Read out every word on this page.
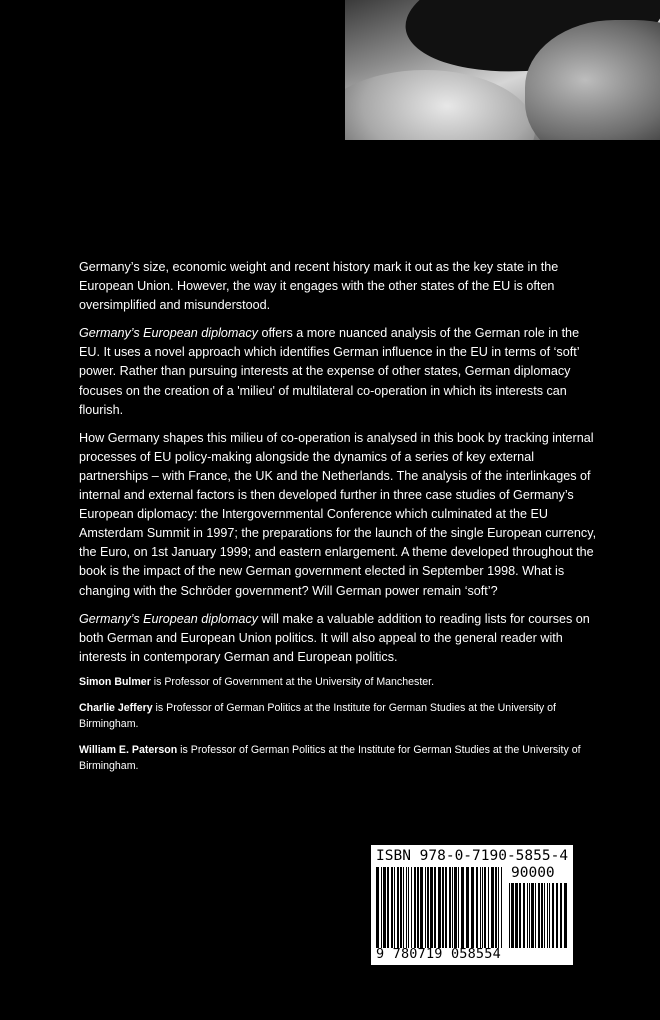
Germany’s size, economic weight and recent history mark it out as the key state in the European Union. However, the way it engages with the other states of the EU is often oversimplified and misunderstood.

Germany’s European diplomacy offers a more nuanced analysis of the German role in the EU. It uses a novel approach which identifies German influence in the EU in terms of ‘soft’ power. Rather than pursuing interests at the expense of other states, German diplomacy focuses on the creation of a 'milieu' of multilateral co-operation in which its interests can flourish.

How Germany shapes this milieu of co-operation is analysed in this book by tracking internal processes of EU policy-making alongside the dynamics of a series of key external partnerships – with France, the UK and the Netherlands. The analysis of the interlinkages of internal and external factors is then developed further in three case studies of Germany’s European diplomacy: the Intergovernmental Conference which culminated at the EU Amsterdam Summit in 1997; the preparations for the launch of the single European currency, the Euro, on 1st January 1999; and eastern enlargement. A theme developed throughout the book is the impact of the new German government elected in September 1998. What is changing with the Schröder government? Will German power remain ‘soft’?

Germany’s European diplomacy will make a valuable addition to reading lists for courses on both German and European Union politics. It will also appeal to the general reader with interests in contemporary German and European politics.

Simon Bulmer is Professor of Government at the University of Manchester.

Charlie Jeffery is Professor of German Politics at the Institute for German Studies at the University of Birmingham.

William E. Paterson is Professor of German Politics at the Institute for German Studies at the University of Birmingham.

ISBN 978-0-7190-5855-4
90000
9 780719 058554
